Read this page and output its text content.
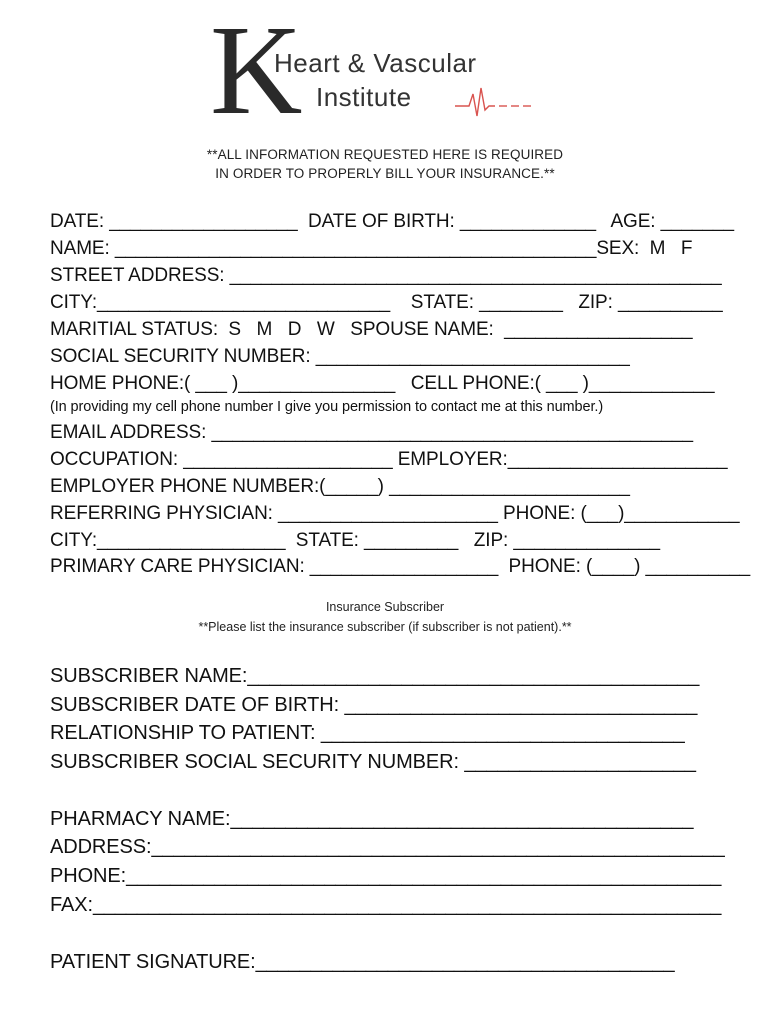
K
Heart & Vascular
Institute
**ALL INFORMATION REQUESTED HERE IS REQUIRED
IN ORDER TO PROPERLY BILL YOUR INSURANCE.**
DATE: __________________  DATE OF BIRTH: _____________   AGE: _______
NAME: ______________________________________________SEX:  M   F
STREET ADDRESS: _______________________________________________
CITY:____________________________    STATE: ________   ZIP: __________
MARITIAL STATUS:  S   M   D   W   SPOUSE NAME:  __________________
SOCIAL SECURITY NUMBER: ______________________________
HOME PHONE:( ___ )_______________   CELL PHONE:( ___ )____________
(In providing my cell phone number I give you permission to contact me at this number.)
EMAIL ADDRESS: ______________________________________________
OCCUPATION: ____________________ EMPLOYER:_____________________
EMPLOYER PHONE NUMBER:(_____) _______________________
REFERRING PHYSICIAN: _____________________ PHONE: (___)___________
CITY:__________________  STATE: _________   ZIP: ______________
PRIMARY CARE PHYSICIAN: __________________  PHONE: (____) __________
Insurance Subscriber
**Please list the insurance subscriber (if subscriber is not patient).**
SUBSCRIBER NAME:_________________________________________
SUBSCRIBER DATE OF BIRTH: ________________________________
RELATIONSHIP TO PATIENT: _________________________________
SUBSCRIBER SOCIAL SECURITY NUMBER: _____________________
PHARMACY NAME:__________________________________________
ADDRESS:____________________________________________________
PHONE:______________________________________________________
FAX:_________________________________________________________
PATIENT SIGNATURE:______________________________________
